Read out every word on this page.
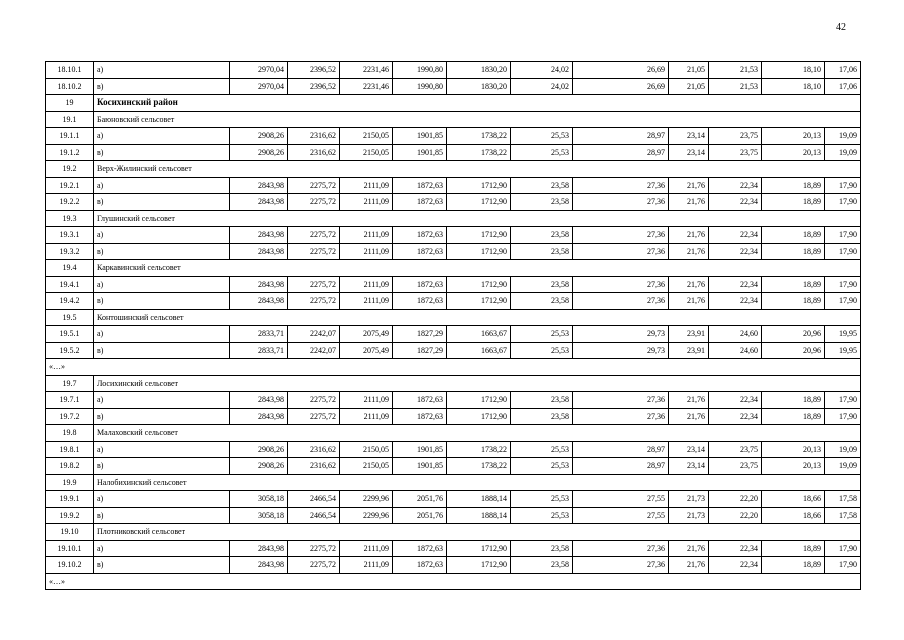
42
18.10.1	а)	2970,04	2396,52	2231,46	1990,80	1830,20	24,02	26,69	21,05	21,53	18,10	17,06
18.10.2	в)	2970,04	2396,52	2231,46	1990,80	1830,20	24,02	26,69	21,05	21,53	18,10	17,06
19	Косихинский район											
19.1	Баюновский сельсовет											
19.1.1	а)	2908,26	2316,62	2150,05	1901,85	1738,22	25,53	28,97	23,14	23,75	20,13	19,09
19.1.2	в)	2908,26	2316,62	2150,05	1901,85	1738,22	25,53	28,97	23,14	23,75	20,13	19,09
19.2	Верх-Жилинский сельсовет											
19.2.1	а)	2843,98	2275,72	2111,09	1872,63	1712,90	23,58	27,36	21,76	22,34	18,89	17,90
19.2.2	в)	2843,98	2275,72	2111,09	1872,63	1712,90	23,58	27,36	21,76	22,34	18,89	17,90
19.3	Глушинский сельсовет											
19.3.1	а)	2843,98	2275,72	2111,09	1872,63	1712,90	23,58	27,36	21,76	22,34	18,89	17,90
19.3.2	в)	2843,98	2275,72	2111,09	1872,63	1712,90	23,58	27,36	21,76	22,34	18,89	17,90
19.4	Каркавинский сельсовет											
19.4.1	а)	2843,98	2275,72	2111,09	1872,63	1712,90	23,58	27,36	21,76	22,34	18,89	17,90
19.4.2	в)	2843,98	2275,72	2111,09	1872,63	1712,90	23,58	27,36	21,76	22,34	18,89	17,90
19.5	Контошинский сельсовет											
19.5.1	а)	2833,71	2242,07	2075,49	1827,29	1663,67	25,53	29,73	23,91	24,60	20,96	19,95
19.5.2	в)	2833,71	2242,07	2075,49	1827,29	1663,67	25,53	29,73	23,91	24,60	20,96	19,95
«…»												
19.7	Лосихинский сельсовет											
19.7.1	а)	2843,98	2275,72	2111,09	1872,63	1712,90	23,58	27,36	21,76	22,34	18,89	17,90
19.7.2	в)	2843,98	2275,72	2111,09	1872,63	1712,90	23,58	27,36	21,76	22,34	18,89	17,90
19.8	Малаховский сельсовет											
19.8.1	а)	2908,26	2316,62	2150,05	1901,85	1738,22	25,53	28,97	23,14	23,75	20,13	19,09
19.8.2	в)	2908,26	2316,62	2150,05	1901,85	1738,22	25,53	28,97	23,14	23,75	20,13	19,09
19.9	Налобихинский сельсовет											
19.9.1	а)	3058,18	2466,54	2299,96	2051,76	1888,14	25,53	27,55	21,73	22,20	18,66	17,58
19.9.2	в)	3058,18	2466,54	2299,96	2051,76	1888,14	25,53	27,55	21,73	22,20	18,66	17,58
19.10	Плотниковский сельсовет											
19.10.1	а)	2843,98	2275,72	2111,09	1872,63	1712,90	23,58	27,36	21,76	22,34	18,89	17,90
19.10.2	в)	2843,98	2275,72	2111,09	1872,63	1712,90	23,58	27,36	21,76	22,34	18,89	17,90
«…»												
